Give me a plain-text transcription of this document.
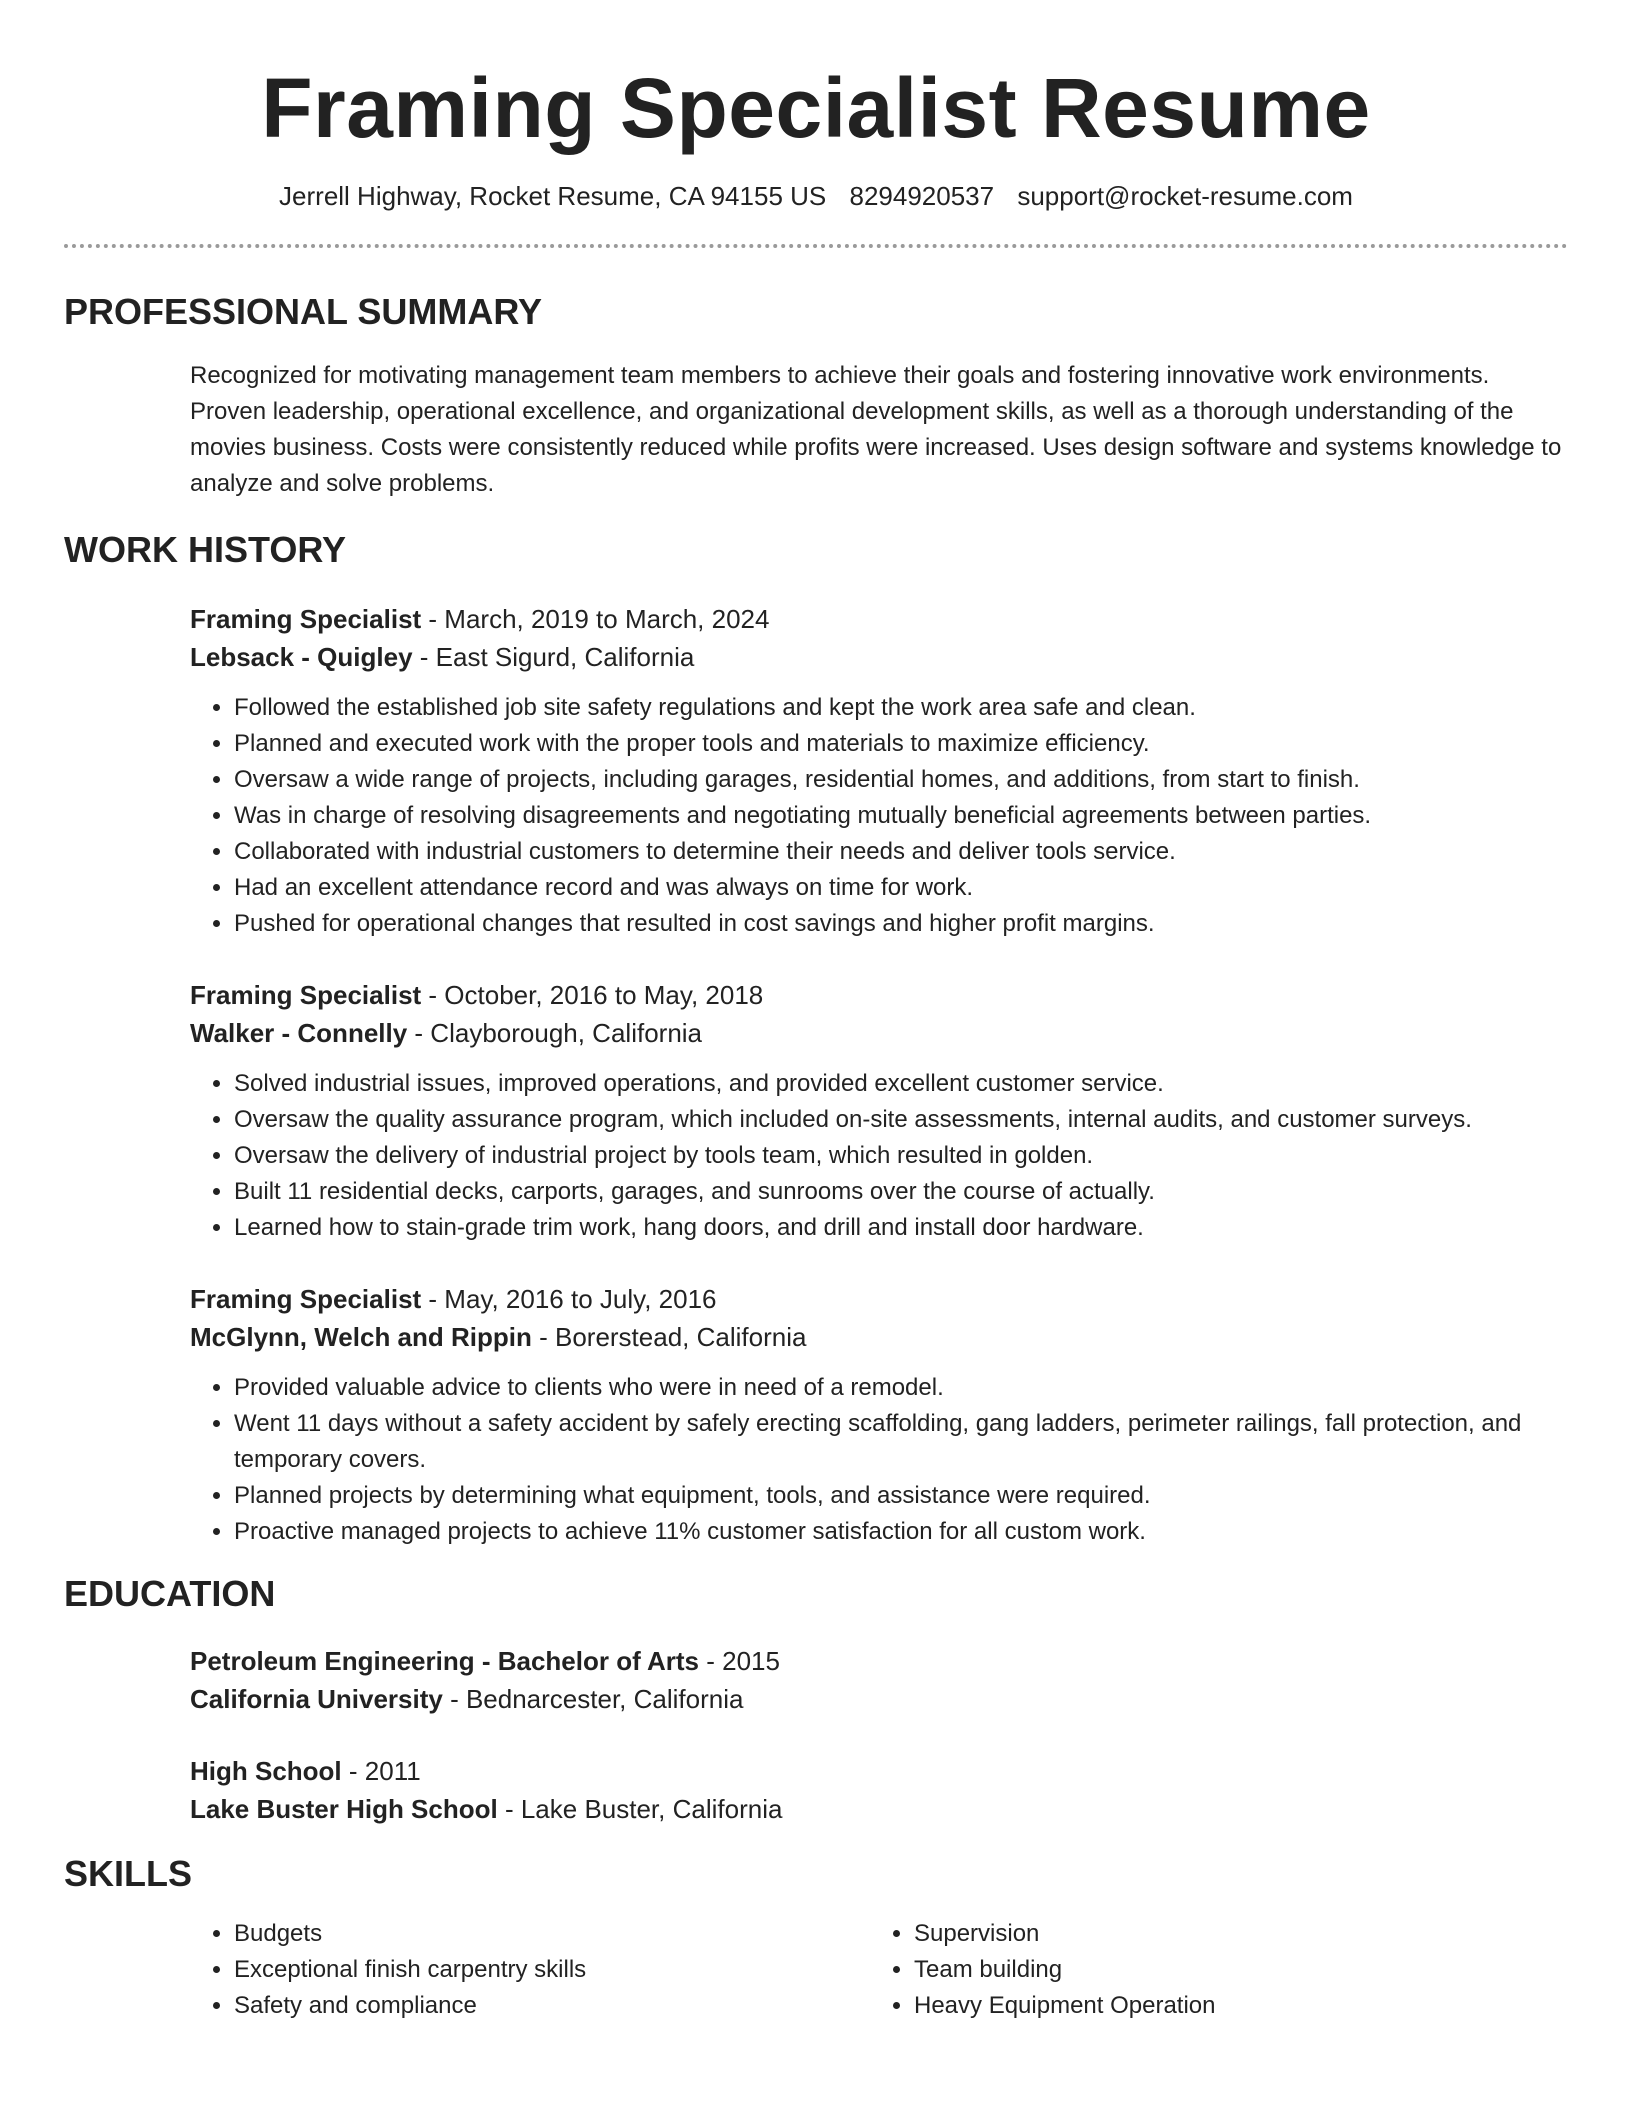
Framing Specialist Resume
Jerrell Highway, Rocket Resume, CA 94155 US 8294920537 support@rocket-resume.com
PROFESSIONAL SUMMARY

Recognized for motivating management team members to achieve their goals and fostering innovative work environments. Proven leadership, operational excellence, and organizational development skills, as well as a thorough understanding of the movies business. Costs were consistently reduced while profits were increased. Uses design software and systems knowledge to analyze and solve problems.

WORK HISTORY
Framing Specialist - March, 2019 to March, 2024
Lebsack - Quigley - East Sigurd, California
• Followed the established job site safety regulations and kept the work area safe and clean.
• Planned and executed work with the proper tools and materials to maximize efficiency.
• Oversaw a wide range of projects, including garages, residential homes, and additions, from start to finish.
• Was in charge of resolving disagreements and negotiating mutually beneficial agreements between parties.
• Collaborated with industrial customers to determine their needs and deliver tools service.
• Had an excellent attendance record and was always on time for work.
• Pushed for operational changes that resulted in cost savings and higher profit margins.
Framing Specialist - October, 2016 to May, 2018
Walker - Connelly - Clayborough, California
• Solved industrial issues, improved operations, and provided excellent customer service.
• Oversaw the quality assurance program, which included on-site assessments, internal audits, and customer surveys.
• Oversaw the delivery of industrial project by tools team, which resulted in golden.
• Built 11 residential decks, carports, garages, and sunrooms over the course of actually.
• Learned how to stain-grade trim work, hang doors, and drill and install door hardware.
Framing Specialist - May, 2016 to July, 2016
McGlynn, Welch and Rippin - Borerstead, California
• Provided valuable advice to clients who were in need of a remodel.
• Went 11 days without a safety accident by safely erecting scaffolding, gang ladders, perimeter railings, fall protection, and temporary covers.
• Planned projects by determining what equipment, tools, and assistance were required.
• Proactive managed projects to achieve 11% customer satisfaction for all custom work.
EDUCATION
Petroleum Engineering - Bachelor of Arts - 2015
California University - Bednarcester, California
High School - 2011
Lake Buster High School - Lake Buster, California
SKILLS
• Budgets
• Exceptional finish carpentry skills
• Safety and compliance
• Supervision
• Team building
• Heavy Equipment Operation
